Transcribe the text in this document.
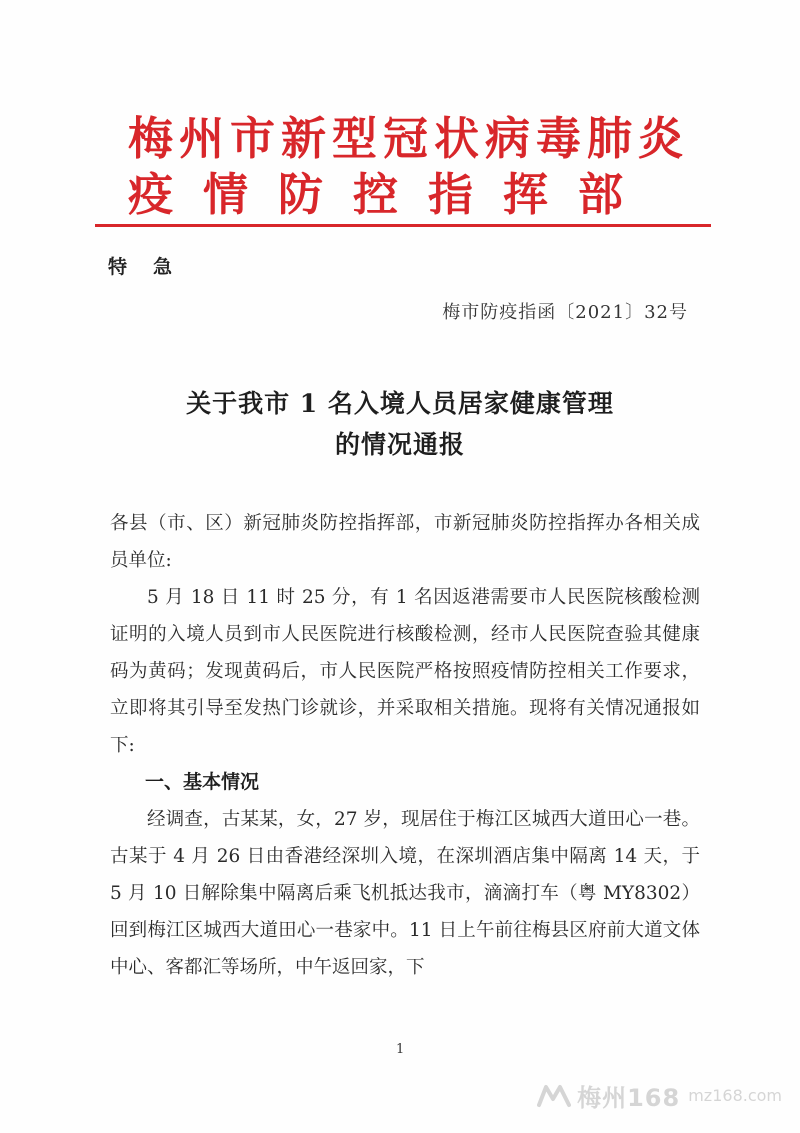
梅州市新型冠状病毒肺炎
疫情防控指挥部
特急
梅市防疫指函〔2021〕32号
关于我市 1 名入境人员居家健康管理
的情况通报

各县（市、区）新冠肺炎防控指挥部，市新冠肺炎防控指挥办各相关成员单位:

5 月 18 日 11 时 25 分，有 1 名因返港需要市人民医院核酸检测证明的入境人员到市人民医院进行核酸检测，经市人民医院查验其健康码为黄码；发现黄码后，市人民医院严格按照疫情防控相关工作要求，立即将其引导至发热门诊就诊，并采取相关措施。现将有关情况通报如下:

一、基本情况

经调查，古某某，女，27 岁，现居住于梅江区城西大道田心一巷。古某于 4 月 26 日由香港经深圳入境，在深圳酒店集中隔离 14 天，于 5 月 10 日解除集中隔离后乘飞机抵达我市，滴滴打车（粤 MY8302）回到梅江区城西大道田心一巷家中。11 日上午前往梅县区府前大道文体中心、客都汇等场所，中午返回家，下

1
梅州168 mz168.com
